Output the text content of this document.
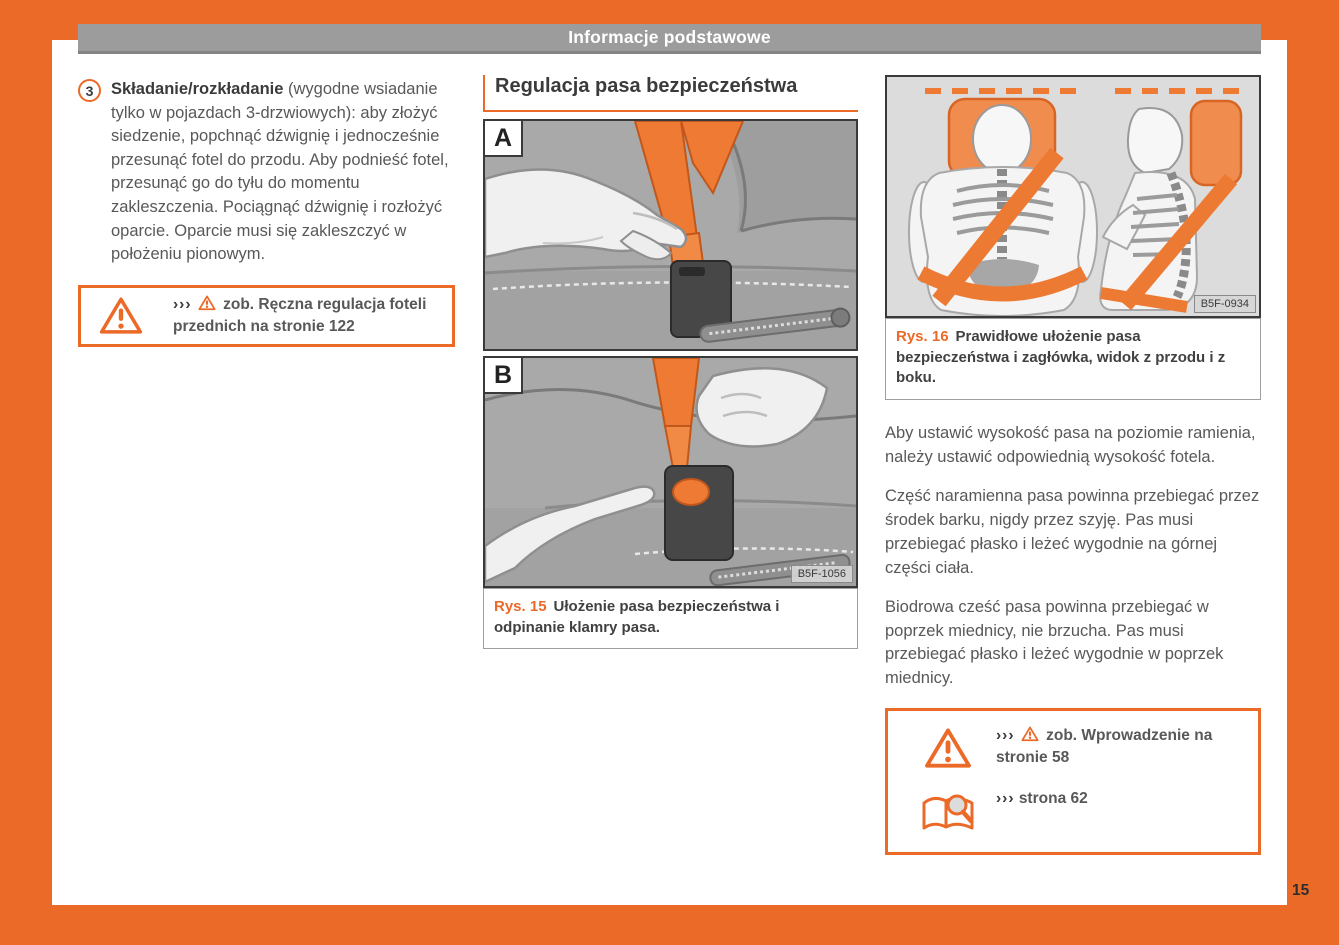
Informacje podstawowe
3	Składanie/rozkładanie (wygodne wsiadanie tylko w pojazdach 3-drzwiowych): aby złożyć siedzenie, popchnąć dźwignię i jednocześnie przesunąć fotel do przodu. Aby podnieść fotel, przesunąć go do tyłu do momentu zakleszczenia. Pociągnąć dźwignię i rozłożyć oparcie. Oparcie musi się zakleszczyć w położeniu pionowym.

››› zob. Ręczna regulacja foteli przednich na stronie 122
Regulacja pasa bezpieczeństwa
A
B
B5F-1056
Rys. 15 Ułożenie pasa bezpieczeństwa i odpinanie klamry pasa.
B5F-0934
Rys. 16 Prawidłowe ułożenie pasa bezpieczeństwa i zagłówka, widok z przodu i z boku.

Aby ustawić wysokość pasa na poziomie ramienia, należy ustawić odpowiednią wysokość fotela.

Część naramienna pasa powinna przebiegać przez środek barku, nigdy przez szyję. Pas musi przebiegać płasko i leżeć wygodnie na górnej części ciała.

Biodrowa cześć pasa powinna przebiegać w poprzek miednicy, nie brzucha. Pas musi przebiegać płasko i leżeć wygodnie w poprzek miednicy.

››› zob. Wprowadzenie na stronie 58
››› strona 62
15
